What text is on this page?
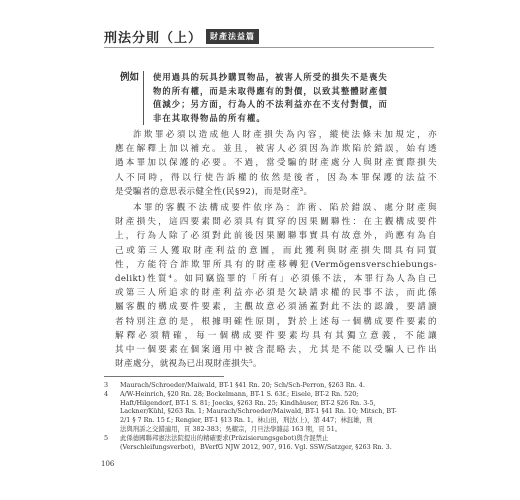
刑法分則（上）	財產法益篇
例如	使用過具的玩具抄購買物品，被害人所受的損失不是喪失
物的所有權，而是未取得應有的對價，以致其整體財產價
值減少；另方面，行為人的不法利益亦在不支付對價，而
非在其取得物品的所有權。
詐欺罪必須以造成他人財產損失為內容，縱使法條未加規定，亦
應在解釋上加以補充。並且，被害人必須因為詐欺陷於錯誤，始有透
過本罪加以保護的必要。不過，當受騙的財產處分人與財產實際損失
人不同時，得以行使告訴權的依然是後者，因為本罪保護的法益不
是受騙者的意思表示健全性(民§92)，而是財產³。
本罪的客觀不法構成要件依序為：詐術、陷於錯誤、處分財產與
財產損失，這四要素間必須具有貫穿的因果關聯性：在主觀構成要件
上，行為人除了必須對此前後因果關聯事實具有故意外，尚應有為自
己或第三人獲取財產利益的意圖，而此獲利與財產損失間具有同質
性，方能符合詐欺罪所具有的財產移轉犯(Vermögensverschiebungs-
delikt)性質⁴。如同竊盜罪的「所有」必須係不法，本罪行為人為自己
或第三人所追求的財產利益亦必須是欠缺請求權的民事不法，而此係
屬客觀的構成要件要素，主觀故意必須涵蓋對此不法的認識，要請讀
者特別注意的是，根據明確性原則，對於上述每一個構成要件要素的
解釋必須精確，每一個構成要件要素均具有其獨立意義，不能讓
其中一個要素在個案適用中被含混略去，尤其是不能以受騙人已作出
財產處分，就視為已出現財產損失⁵。
3	Maurach/Schroeder/Maiwald, BT-1 §41 Rn. 20; Sch/Sch-Perron, §263 Rn. 4.
4	A/W-Heinrich, §20 Rn. 28; Bockelmann, BT-1 S. 63f.; Eisele, BT-2 Rn. 520;
Haft/Hilgendorf, BT-1 S. 81; Joecks, §263 Rn. 25; Kindhäuser, BT-2 §26 Rn. 3-5,
Lackner/Kühl, §263 Rn. 1; Maurach/Schroeder/Maiwald, BT-1 §41 Rn. 10; Mitsch, BT-
2/1 § 7 Rn. 15 f.; Rengier, BT-1 §13 Rn. 1。林山田，刑法(上)，第 447；林鈺雄，刑
法與刑訴之交錯適用，頁 382-383；吳耀宗，月旦法學雜誌 163 期，頁 51。
5	此係德國聯邦憲法法院提出的精確要求(Präzisierungsgebot)與含混禁止
(Verschleifungsverbot)，BVerfG NJW 2012, 907, 916. Vgl. SSW/Satzger, §263 Rn. 3.
106
